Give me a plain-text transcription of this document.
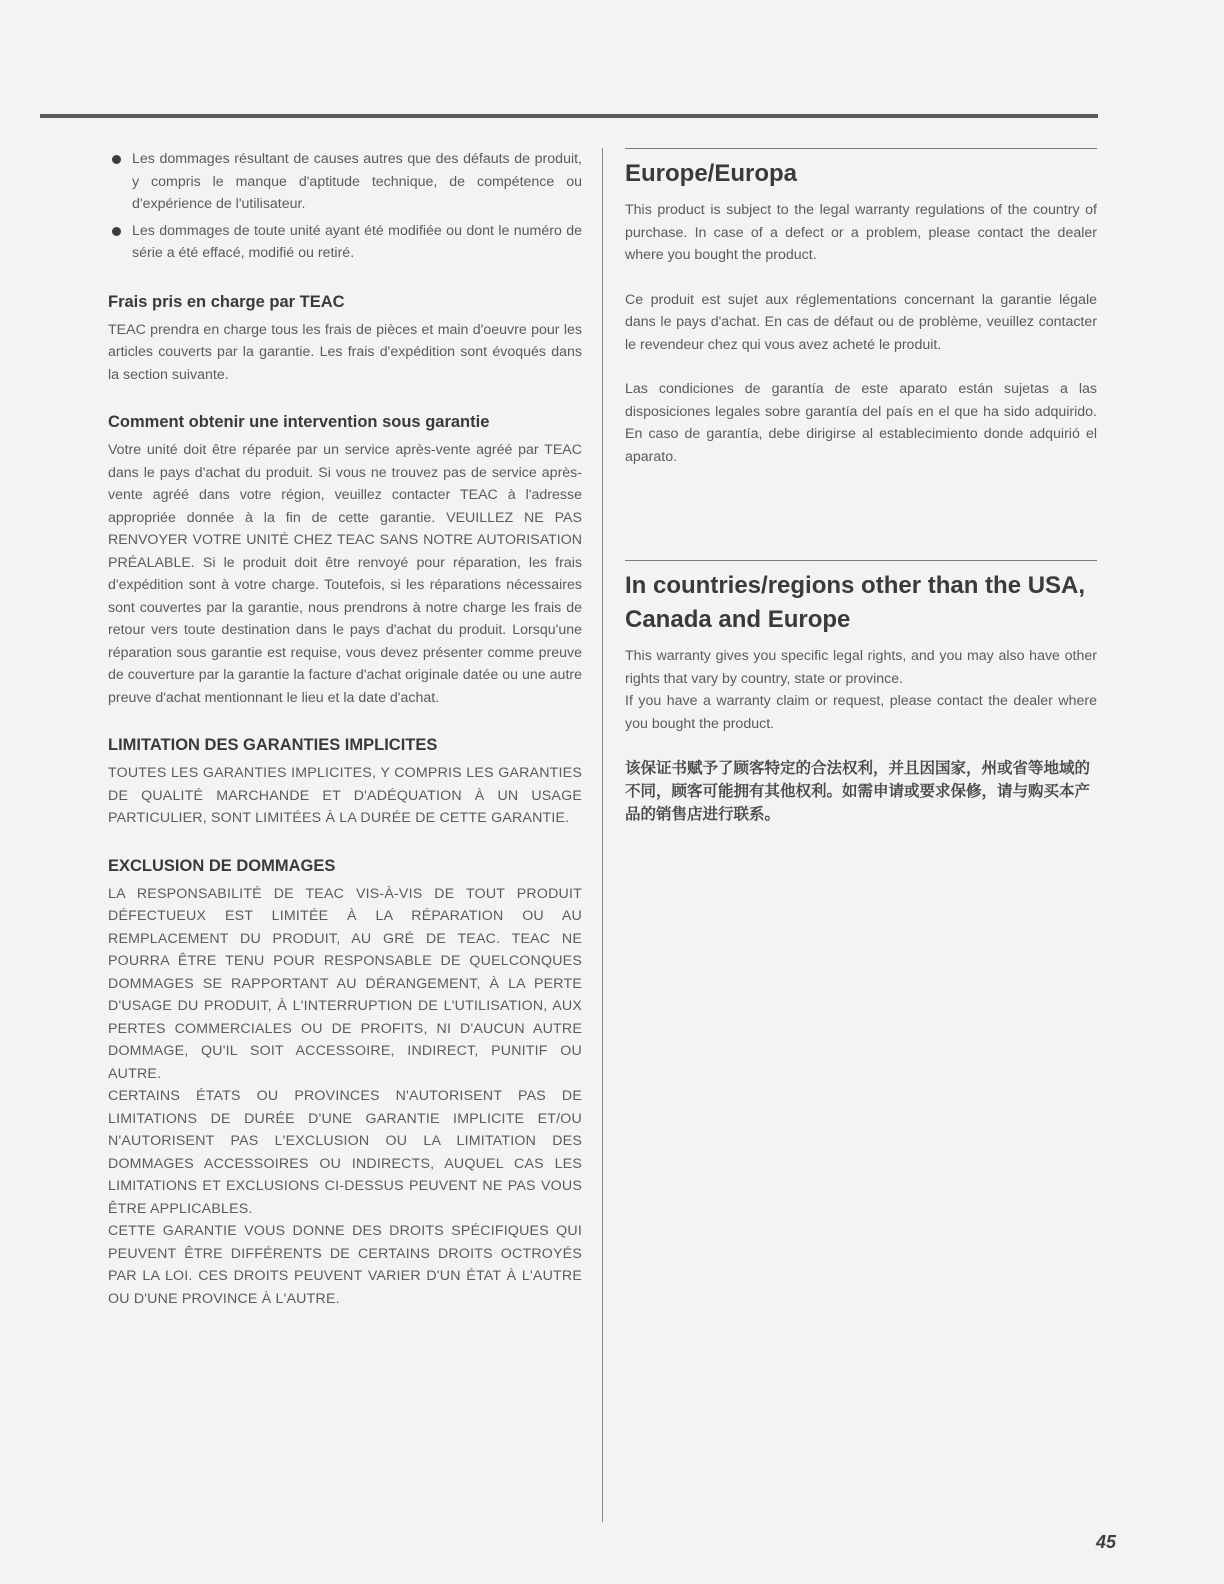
Les dommages résultant de causes autres que des défauts de produit, y compris le manque d'aptitude technique, de compétence ou d'expérience de l'utilisateur.
Les dommages de toute unité ayant été modifiée ou dont le numéro de série a été effacé, modifié ou retiré.
Frais pris en charge par TEAC

TEAC prendra en charge tous les frais de pièces et main d'oeuvre pour les articles couverts par la garantie. Les frais d'expédition sont évoqués dans la section suivante.

Comment obtenir une intervention sous garantie

Votre unité doit être réparée par un service après-vente agréé par TEAC dans le pays d'achat du produit. Si vous ne trouvez pas de service après-vente agréé dans votre région, veuillez contacter TEAC à l'adresse appropriée donnée à la fin de cette garantie. VEUILLEZ NE PAS RENVOYER VOTRE UNITÉ CHEZ TEAC SANS NOTRE AUTORISATION PRÉALABLE. Si le produit doit être renvoyé pour réparation, les frais d'expédition sont à votre charge. Toutefois, si les réparations nécessaires sont couvertes par la garantie, nous prendrons à notre charge les frais de retour vers toute destination dans le pays d'achat du produit. Lorsqu'une réparation sous garantie est requise, vous devez présenter comme preuve de couverture par la garantie la facture d'achat originale datée ou une autre preuve d'achat mentionnant le lieu et la date d'achat.

LIMITATION DES GARANTIES IMPLICITES

TOUTES LES GARANTIES IMPLICITES, Y COMPRIS LES GARANTIES DE QUALITÉ MARCHANDE ET D'ADÉQUATION À UN USAGE PARTICULIER, SONT LIMITÉES À LA DURÉE DE CETTE GARANTIE.

EXCLUSION DE DOMMAGES

LA RESPONSABILITÉ DE TEAC VIS-À-VIS DE TOUT PRODUIT DÉFECTUEUX EST LIMITÉE À LA RÉPARATION OU AU REMPLACEMENT DU PRODUIT, AU GRÉ DE TEAC. TEAC NE POURRA ÊTRE TENU POUR RESPONSABLE DE QUELCONQUES DOMMAGES SE RAPPORTANT AU DÉRANGEMENT, À LA PERTE D'USAGE DU PRODUIT, À L'INTERRUPTION DE L'UTILISATION, AUX PERTES COMMERCIALES OU DE PROFITS, NI D'AUCUN AUTRE DOMMAGE, QU'IL SOIT ACCESSOIRE, INDIRECT, PUNITIF OU AUTRE.

CERTAINS ÉTATS OU PROVINCES N'AUTORISENT PAS DE LIMITATIONS DE DURÉE D'UNE GARANTIE IMPLICITE ET/OU N'AUTORISENT PAS L'EXCLUSION OU LA LIMITATION DES DOMMAGES ACCESSOIRES OU INDIRECTS, AUQUEL CAS LES LIMITATIONS ET EXCLUSIONS CI-DESSUS PEUVENT NE PAS VOUS ÊTRE APPLICABLES.

CETTE GARANTIE VOUS DONNE DES DROITS SPÉCIFIQUES QUI PEUVENT ÊTRE DIFFÉRENTS DE CERTAINS DROITS OCTROYÉS PAR LA LOI. CES DROITS PEUVENT VARIER D'UN ÉTAT À L'AUTRE OU D'UNE PROVINCE À L'AUTRE.

Europe/Europa

This product is subject to the legal warranty regulations of the country of purchase. In case of a defect or a problem, please contact the dealer where you bought the product.

Ce produit est sujet aux réglementations concernant la garantie légale dans le pays d'achat. En cas de défaut ou de problème, veuillez contacter le revendeur chez qui vous avez acheté le produit.

Las condiciones de garantía de este aparato están sujetas a las disposiciones legales sobre garantía del país en el que ha sido adquirido. En caso de garantía, debe dirigirse al establecimiento donde adquirió el aparato.

In countries/regions other than the USA, Canada and Europe

This warranty gives you specific legal rights, and you may also have other rights that vary by country, state or province.

If you have a warranty claim or request, please contact the dealer where you bought the product.

该保证书赋予了顾客特定的合法权利，并且因国家，州或省等地域的不同，顾客可能拥有其他权利。如需申请或要求保修，请与购买本产品的销售店进行联系。

45
